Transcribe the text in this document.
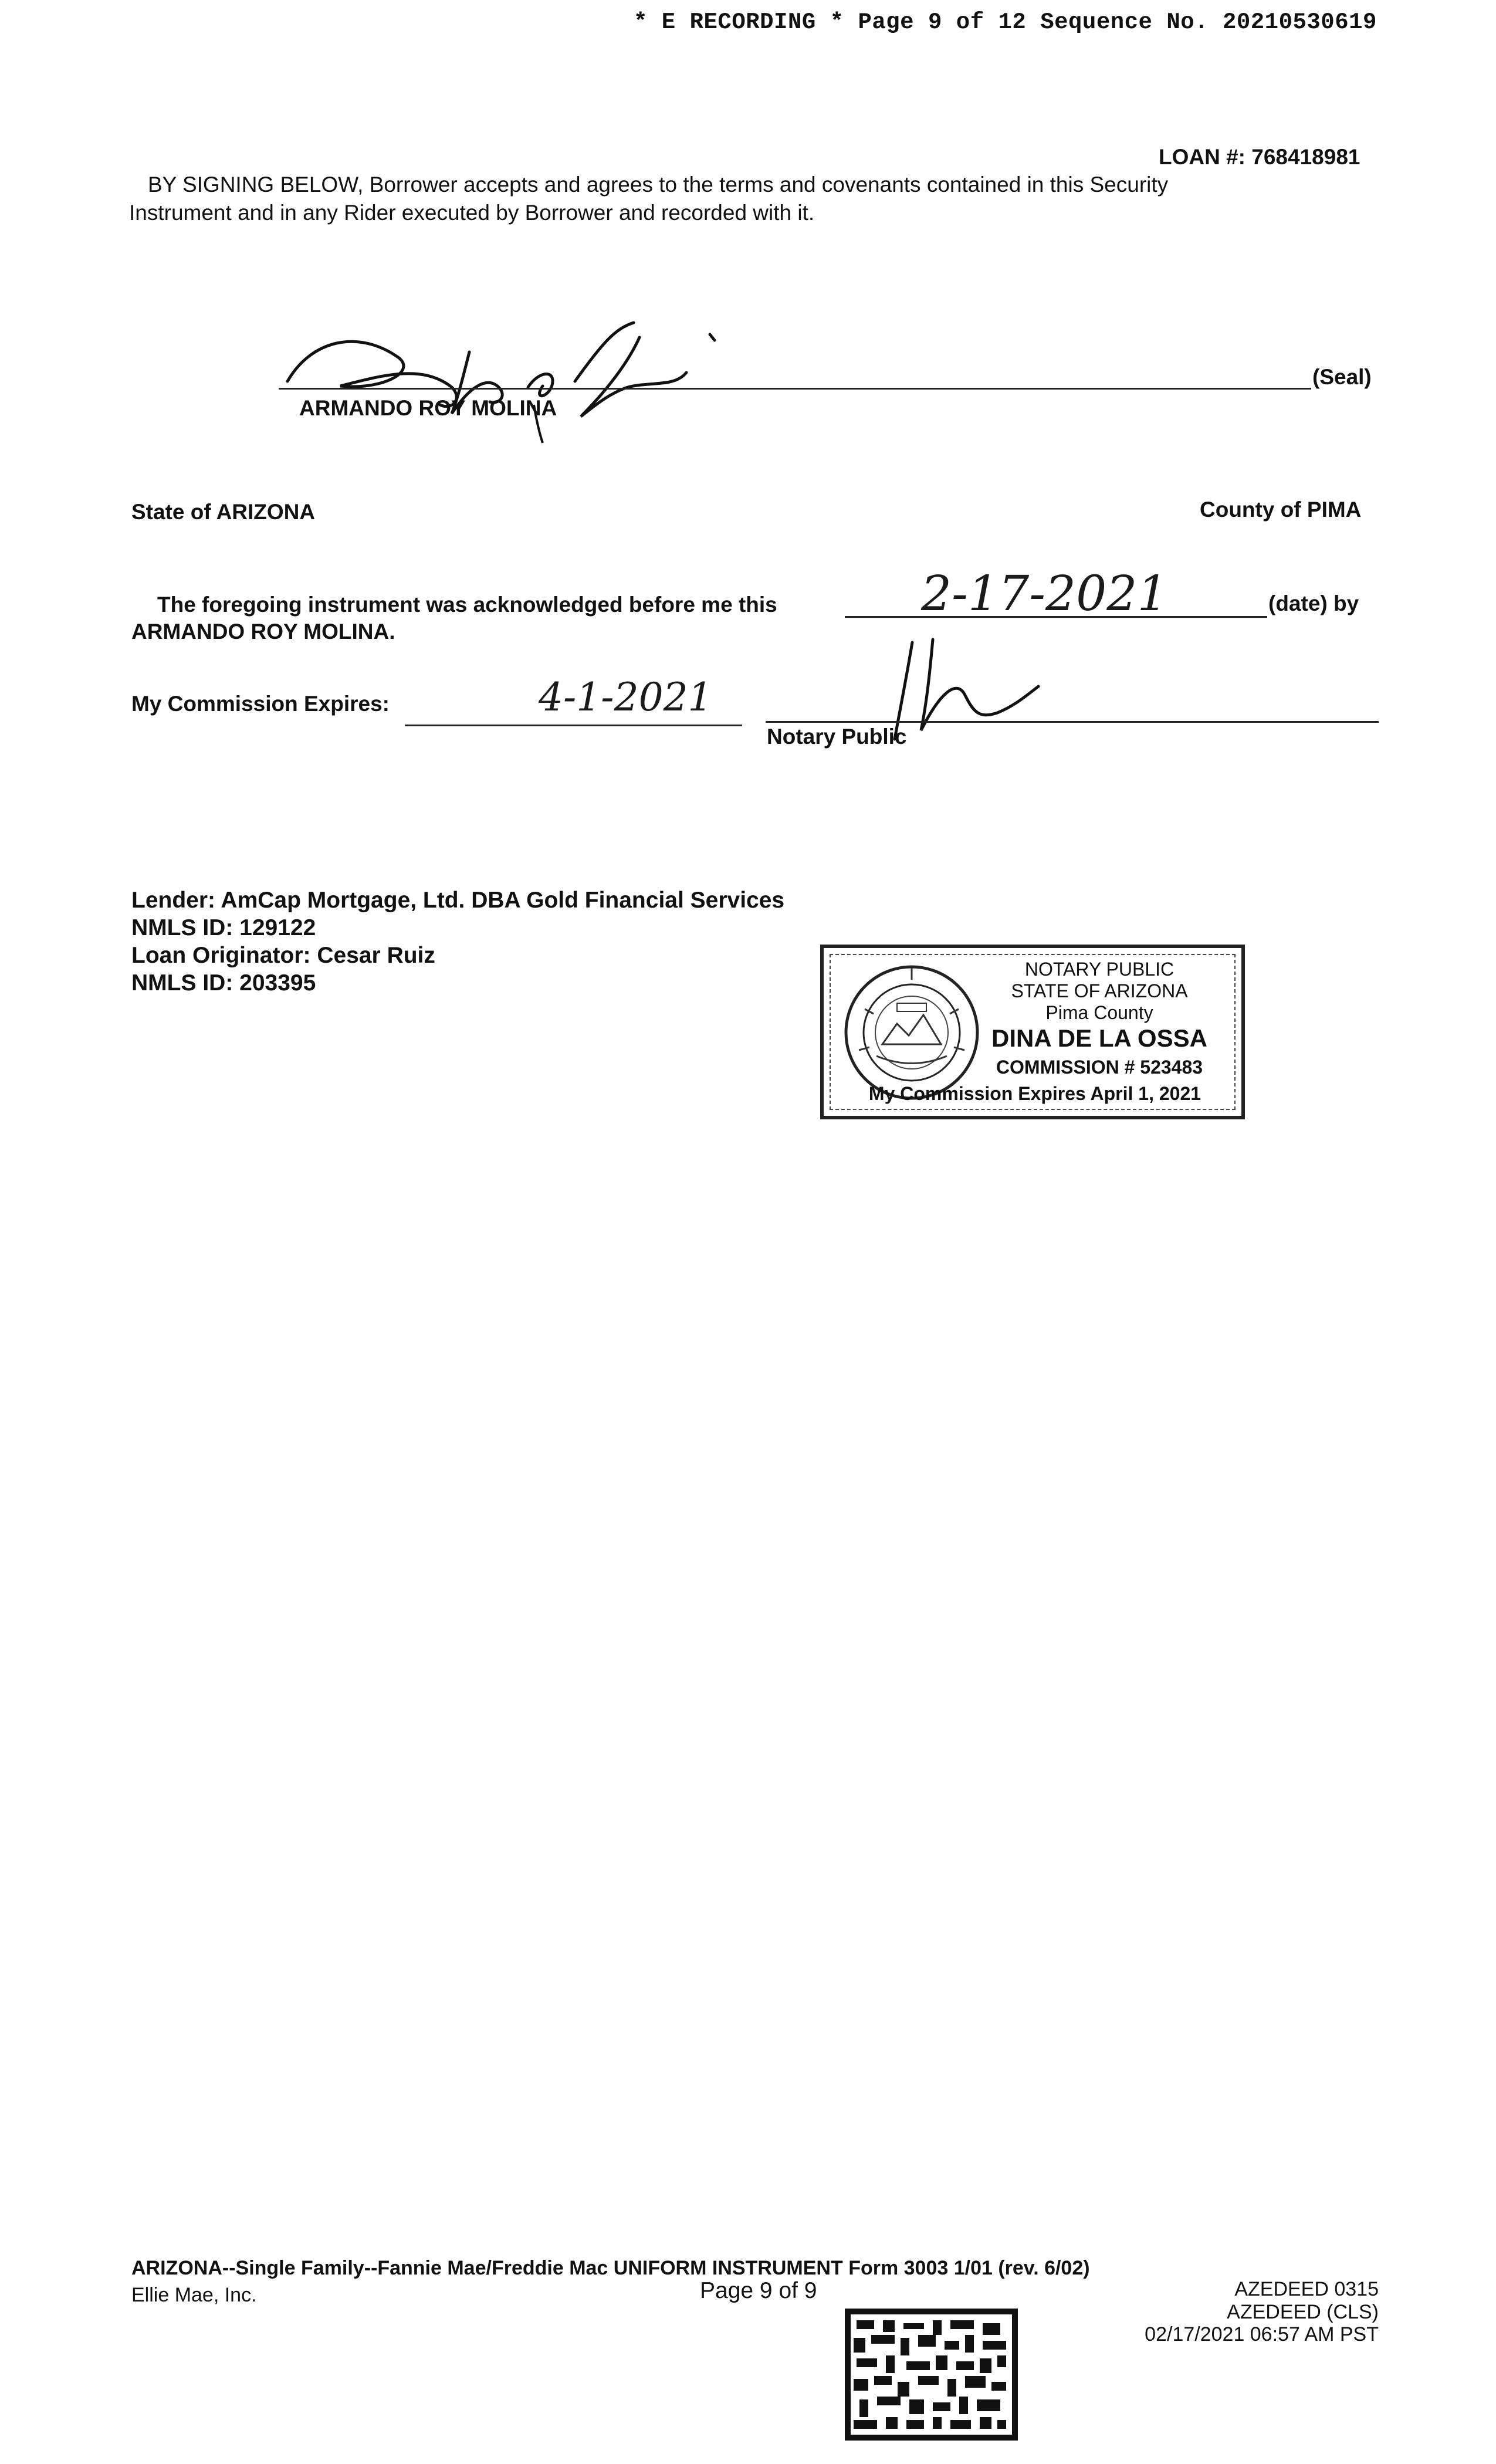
* E RECORDING * Page 9 of 12 Sequence No. 20210530619
LOAN #: 768418981
BY SIGNING BELOW, Borrower accepts and agrees to the terms and covenants contained in this Security
Instrument and in any Rider executed by Borrower and recorded with it.
(Seal)
ARMANDO ROY MOLINA
State of ARIZONA	County of PIMA
The foregoing instrument was acknowledged before me this	2-17-2021	(date) by
ARMANDO ROY MOLINA.
My Commission Expires:	4-1-2021
Notary Public
Lender: AmCap Mortgage, Ltd. DBA Gold Financial Services
NMLS ID: 129122
Loan Originator: Cesar Ruiz
NMLS ID: 203395
NOTARY PUBLIC
STATE OF ARIZONA
Pima County
DINA DE LA OSSA
COMMISSION # 523483
My Commission Expires April 1, 2021
ARIZONA--Single Family--Fannie Mae/Freddie Mac UNIFORM INSTRUMENT Form 3003 1/01 (rev. 6/02)
Ellie Mae, Inc.	Page 9 of 9	AZEDEED 0315
AZEDEED (CLS)
02/17/2021 06:57 AM PST
